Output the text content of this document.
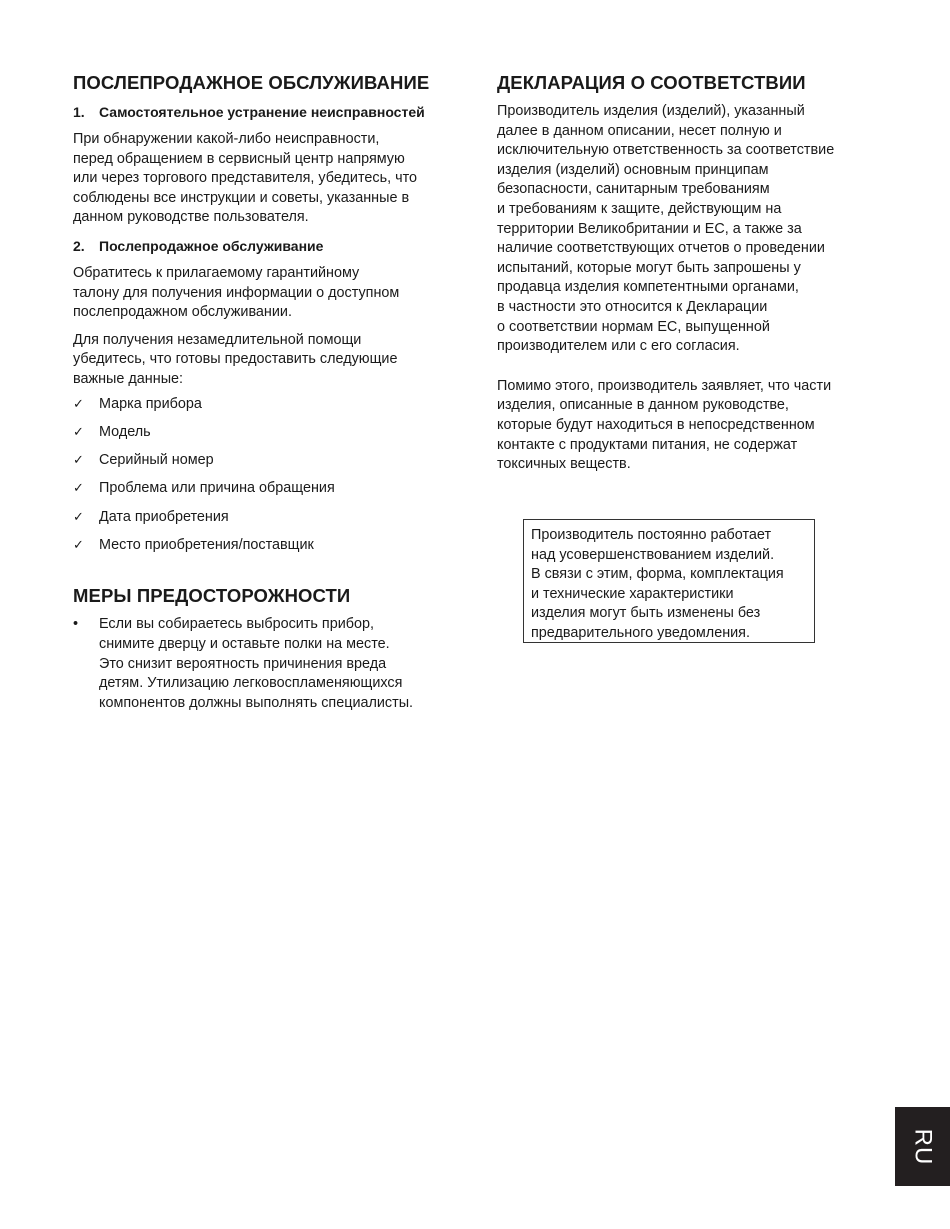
ПОСЛЕПРОДАЖНОЕ ОБСЛУЖИВАНИЕ
1.	Самостоятельное устранение неисправностей

При обнаружении какой-либо неисправности,
перед обращением в сервисный центр напрямую
или через торгового представителя, убедитесь, что
соблюдены все инструкции и советы, указанные в
данном руководстве пользователя.

2.	Послепродажное обслуживание

Обратитесь к прилагаемому гарантийному
талону для получения информации о доступном
послепродажном обслуживании.

Для получения незамедлительной помощи
убедитесь, что готовы предоставить следующие
важные данные:

✓	Марка прибора
✓	Модель
✓	Серийный номер
✓	Проблема или причина обращения
✓	Дата приобретения
✓	Место приобретения/поставщик
МЕРЫ ПРЕДОСТОРОЖНОСТИ
•	Если вы собираетесь выбросить прибор,
снимите дверцу и оставьте полки на месте.
Это снизит вероятность причинения вреда
детям. Утилизацию легковоспламеняющихся
компонентов должны выполнять специалисты.
ДЕКЛАРАЦИЯ О СООТВЕТСТВИИ

Производитель изделия (изделий), указанный
далее в данном описании, несет полную и
исключительную ответственность за соответствие
изделия (изделий) основным принципам
безопасности, санитарным требованиям
и требованиям к защите, действующим на
территории Великобритании и ЕС, а также за
наличие соответствующих отчетов о проведении
испытаний, которые могут быть запрошены у
продавца изделия компетентными органами,
в частности это относится к Декларации
о соответствии нормам ЕС, выпущенной
производителем или с его согласия.

Помимо этого, производитель заявляет, что части
изделия, описанные в данном руководстве,
которые будут находиться в непосредственном
контакте с продуктами питания, не содержат
токсичных веществ.

Производитель постоянно работает
над усовершенствованием изделий.
В связи с этим, форма, комплектация
и технические характеристики
изделия могут быть изменены без
предварительного уведомления.
RU
